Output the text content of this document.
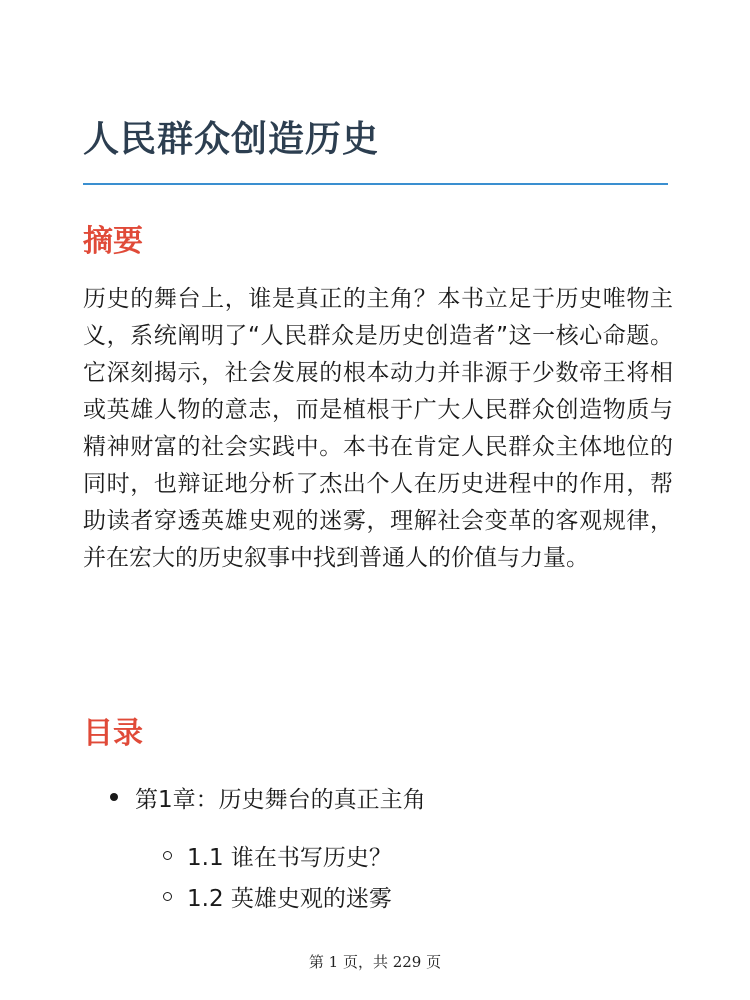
人民群众创造历史
摘要

历史的舞台上，谁是真正的主角？本书立足于历史唯物主义，系统阐明了“人民群众是历史创造者”这一核心命题。它深刻揭示，社会发展的根本动力并非源于少数帝王将相或英雄人物的意志，而是植根于广大人民群众创造物质与精神财富的社会实践中。本书在肯定人民群众主体地位的同时，也辩证地分析了杰出个人在历史进程中的作用，帮助读者穿透英雄史观的迷雾，理解社会变革的客观规律，并在宏大的历史叙事中找到普通人的价值与力量。

目录
第1章：历史舞台的真正主角
1.1 谁在书写历史？
1.2 英雄史观的迷雾
第 1 页，共 229 页
